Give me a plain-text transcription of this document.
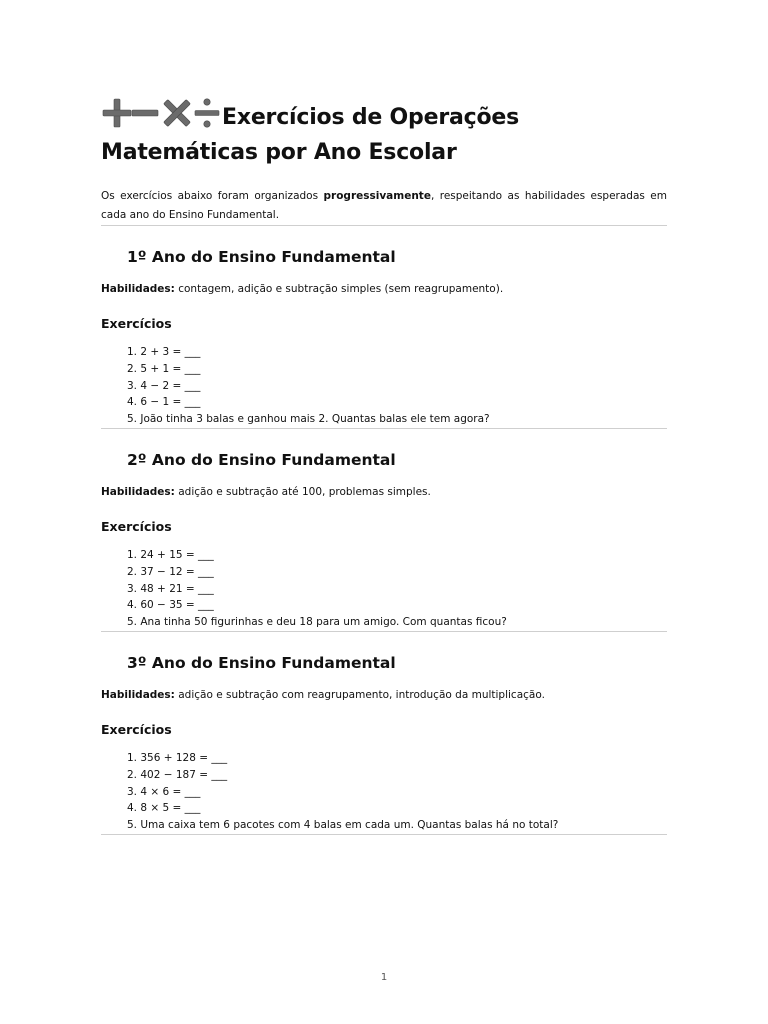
Exercícios de Operações Matemáticas por Ano Escolar

Os exercícios abaixo foram organizados progressivamente, respeitando as habilidades esperadas em cada ano do Ensino Fundamental.

1º Ano do Ensino Fundamental

Habilidades: contagem, adição e subtração simples (sem reagrupamento).

Exercícios

1. 2 + 3 = ___
2. 5 + 1 = ___
3. 4 − 2 = ___
4. 6 − 1 = ___
5. João tinha 3 balas e ganhou mais 2. Quantas balas ele tem agora?
2º Ano do Ensino Fundamental

Habilidades: adição e subtração até 100, problemas simples.

Exercícios

1. 24 + 15 = ___
2. 37 − 12 = ___
3. 48 + 21 = ___
4. 60 − 35 = ___
5. Ana tinha 50 figurinhas e deu 18 para um amigo. Com quantas ficou?
3º Ano do Ensino Fundamental

Habilidades: adição e subtração com reagrupamento, introdução da multiplicação.

Exercícios

1. 356 + 128 = ___
2. 402 − 187 = ___
3. 4 × 6 = ___
4. 8 × 5 = ___
5. Uma caixa tem 6 pacotes com 4 balas em cada um. Quantas balas há no total?
1
